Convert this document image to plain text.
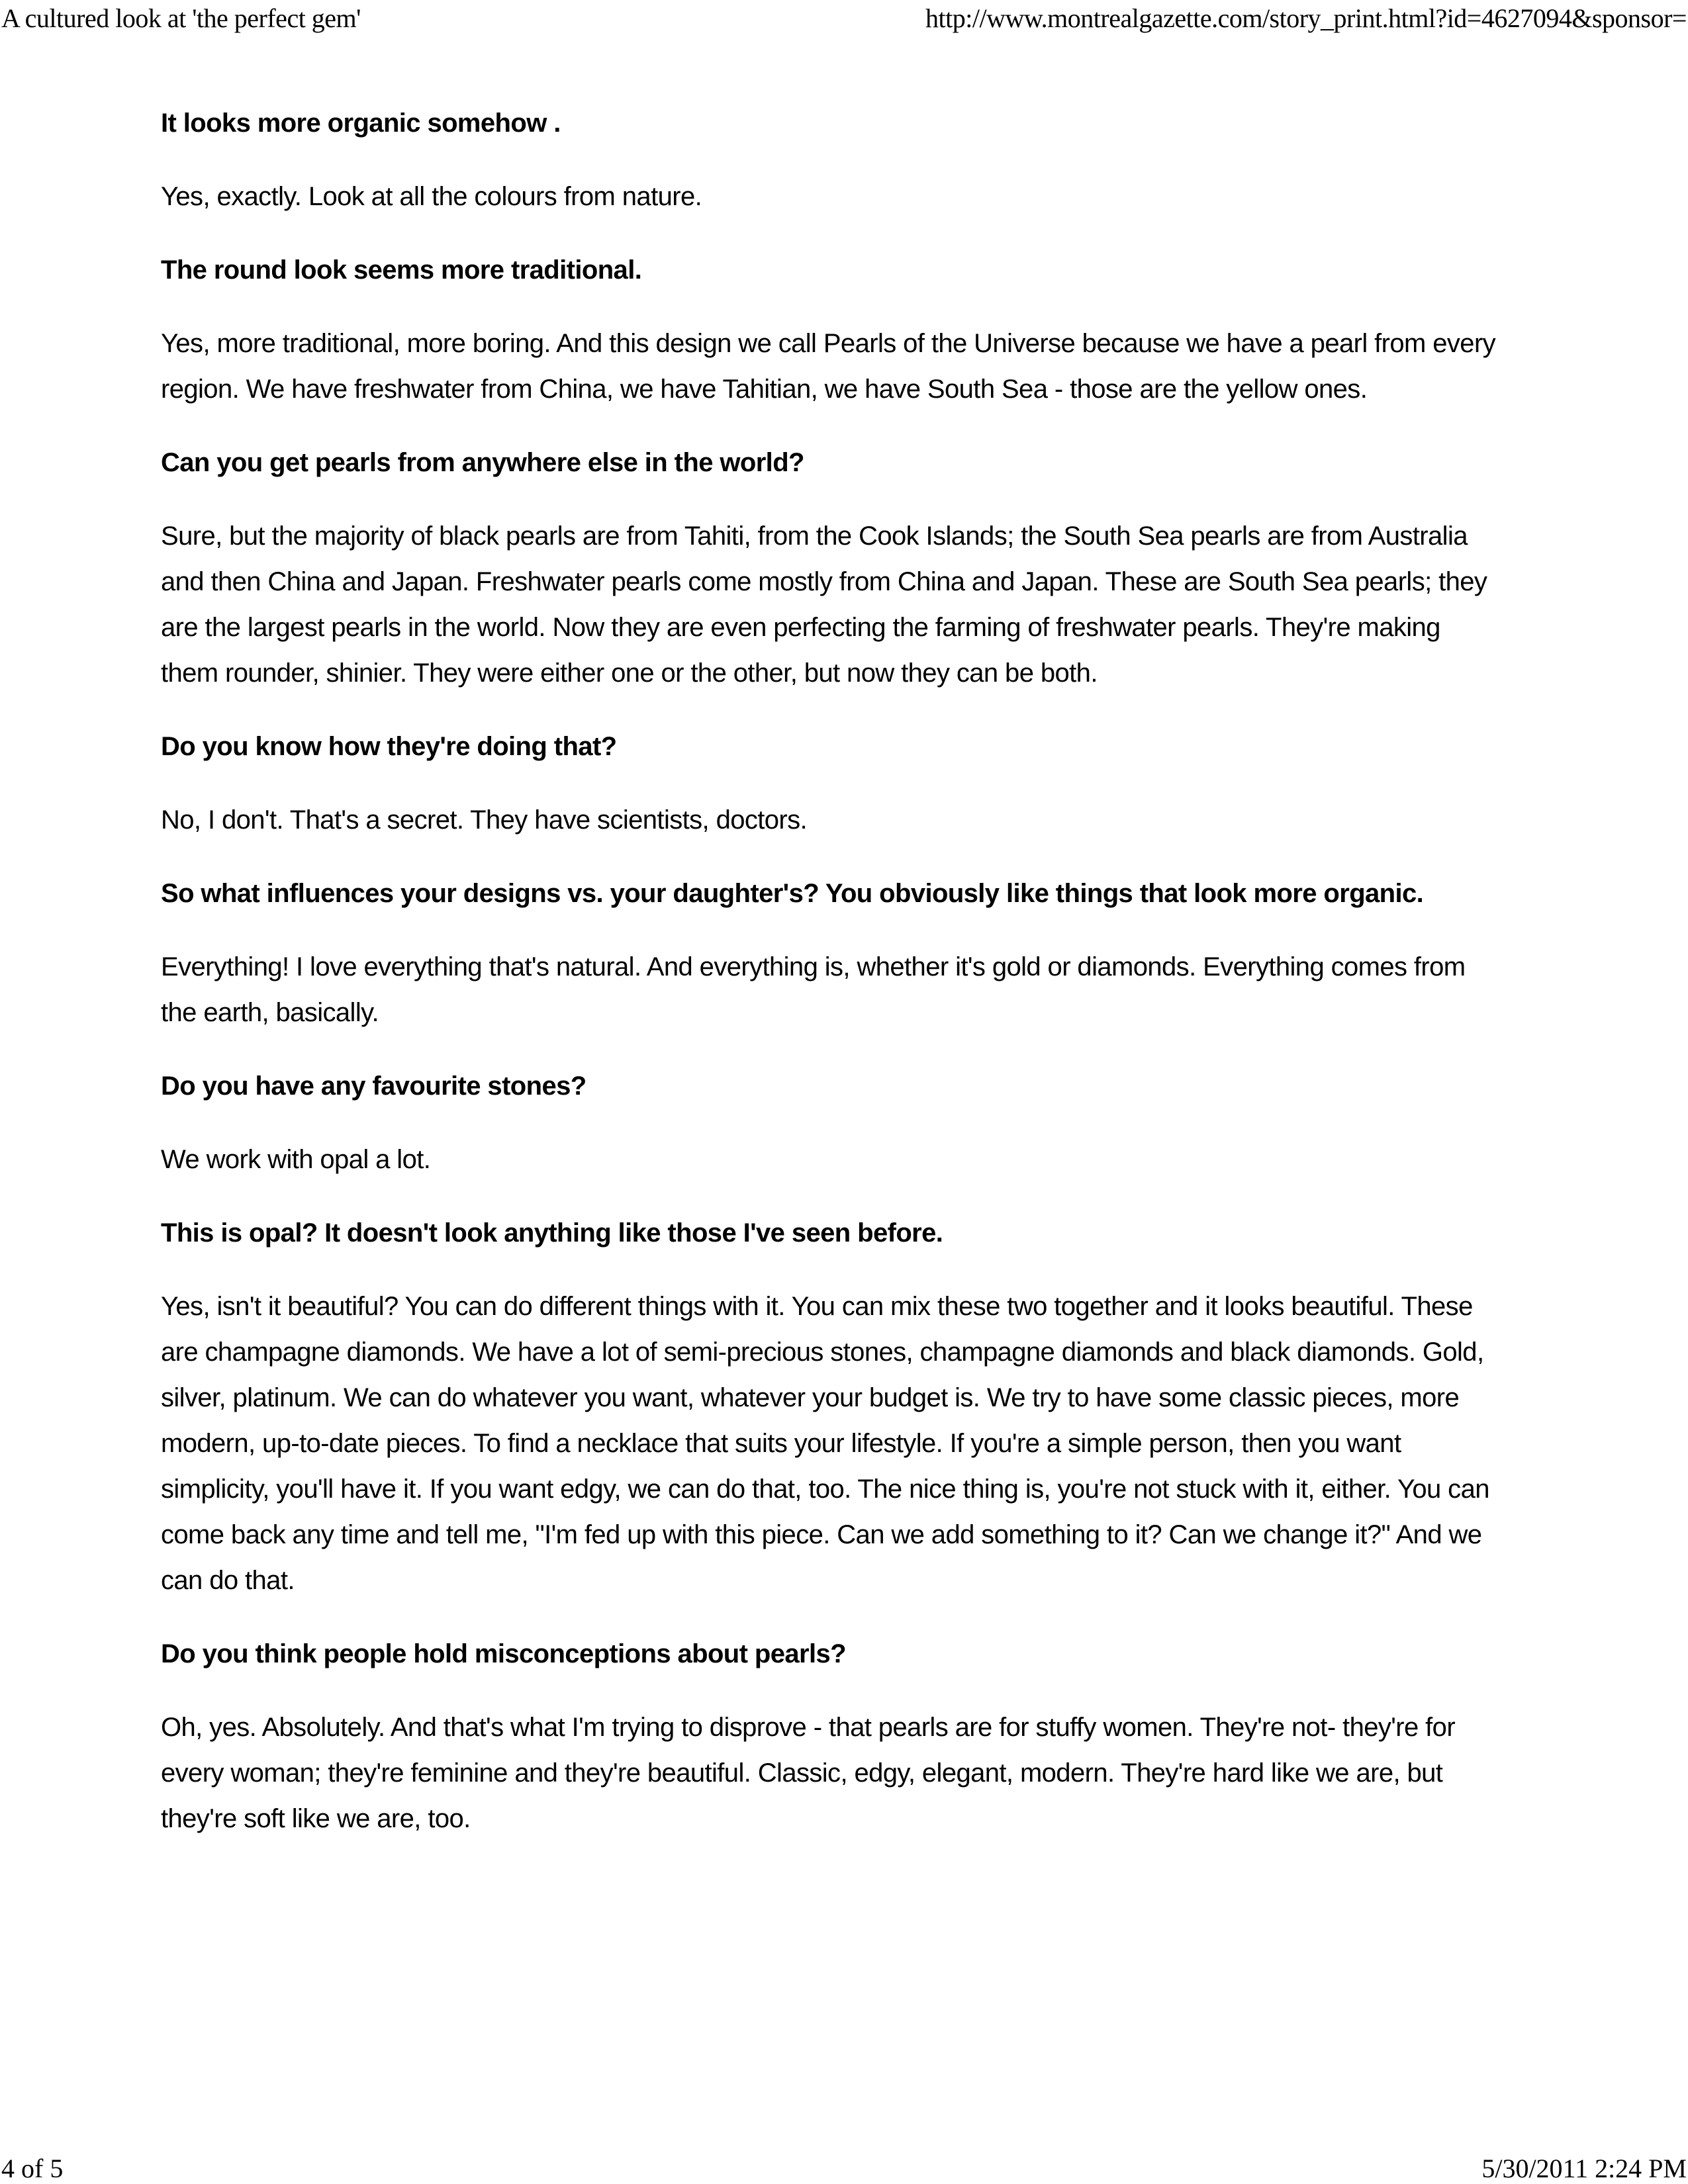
A cultured look at 'the perfect gem'	http://www.montrealgazette.com/story_print.html?id=4627094&sponsor=

It looks more organic somehow .

Yes, exactly. Look at all the colours from nature.

The round look seems more traditional.

Yes, more traditional, more boring. And this design we call Pearls of the Universe because we have a pearl from every region. We have freshwater from China, we have Tahitian, we have South Sea - those are the yellow ones.

Can you get pearls from anywhere else in the world?

Sure, but the majority of black pearls are from Tahiti, from the Cook Islands; the South Sea pearls are from Australia and then China and Japan. Freshwater pearls come mostly from China and Japan. These are South Sea pearls; they are the largest pearls in the world. Now they are even perfecting the farming of freshwater pearls. They're making them rounder, shinier. They were either one or the other, but now they can be both.

Do you know how they're doing that?

No, I don't. That's a secret. They have scientists, doctors.

So what influences your designs vs. your daughter's? You obviously like things that look more organic.

Everything! I love everything that's natural. And everything is, whether it's gold or diamonds. Everything comes from the earth, basically.

Do you have any favourite stones?

We work with opal a lot.

This is opal? It doesn't look anything like those I've seen before.

Yes, isn't it beautiful? You can do different things with it. You can mix these two together and it looks beautiful. These are champagne diamonds. We have a lot of semi-precious stones, champagne diamonds and black diamonds. Gold, silver, platinum. We can do whatever you want, whatever your budget is. We try to have some classic pieces, more modern, up-to-date pieces. To find a necklace that suits your lifestyle. If you're a simple person, then you want simplicity, you'll have it. If you want edgy, we can do that, too. The nice thing is, you're not stuck with it, either. You can come back any time and tell me, "I'm fed up with this piece. Can we add something to it? Can we change it?" And we can do that.

Do you think people hold misconceptions about pearls?

Oh, yes. Absolutely. And that's what I'm trying to disprove - that pearls are for stuffy women. They're not- they're for every woman; they're feminine and they're beautiful. Classic, edgy, elegant, modern. They're hard like we are, but they're soft like we are, too.

4 of 5	5/30/2011 2:24 PM
